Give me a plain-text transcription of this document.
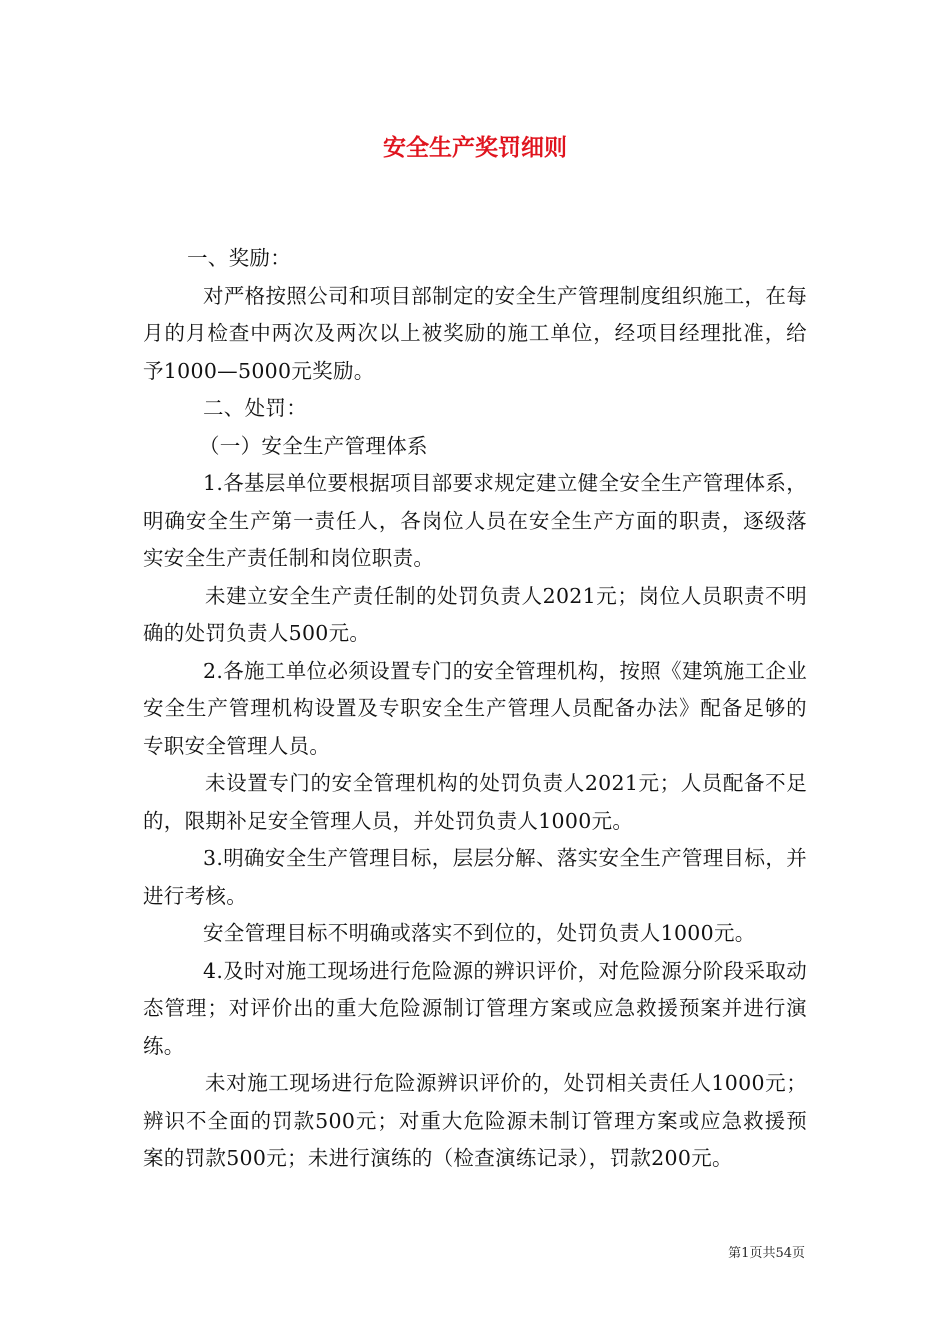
安全生产奖罚细则

一、奖励：

对严格按照公司和项目部制定的安全生产管理制度组织施工，在每月的月检查中两次及两次以上被奖励的施工单位，经项目经理批准，给予1000—5000元奖励。

二、处罚：

（一）安全生产管理体系

1.各基层单位要根据项目部要求规定建立健全安全生产管理体系，明确安全生产第一责任人，各岗位人员在安全生产方面的职责，逐级落实安全生产责任制和岗位职责。

未建立安全生产责任制的处罚负责人2021元；岗位人员职责不明确的处罚负责人500元。

2.各施工单位必须设置专门的安全管理机构，按照《建筑施工企业安全生产管理机构设置及专职安全生产管理人员配备办法》配备足够的专职安全管理人员。

未设置专门的安全管理机构的处罚负责人2021元；人员配备不足的，限期补足安全管理人员，并处罚负责人1000元。

3.明确安全生产管理目标，层层分解、落实安全生产管理目标，并进行考核。

安全管理目标不明确或落实不到位的，处罚负责人1000元。

4.及时对施工现场进行危险源的辨识评价，对危险源分阶段采取动态管理；对评价出的重大危险源制订管理方案或应急救援预案并进行演练。

未对施工现场进行危险源辨识评价的，处罚相关责任人1000元；辨识不全面的罚款500元；对重大危险源未制订管理方案或应急救援预案的罚款500元；未进行演练的（检查演练记录），罚款200元。

第1页共54页
